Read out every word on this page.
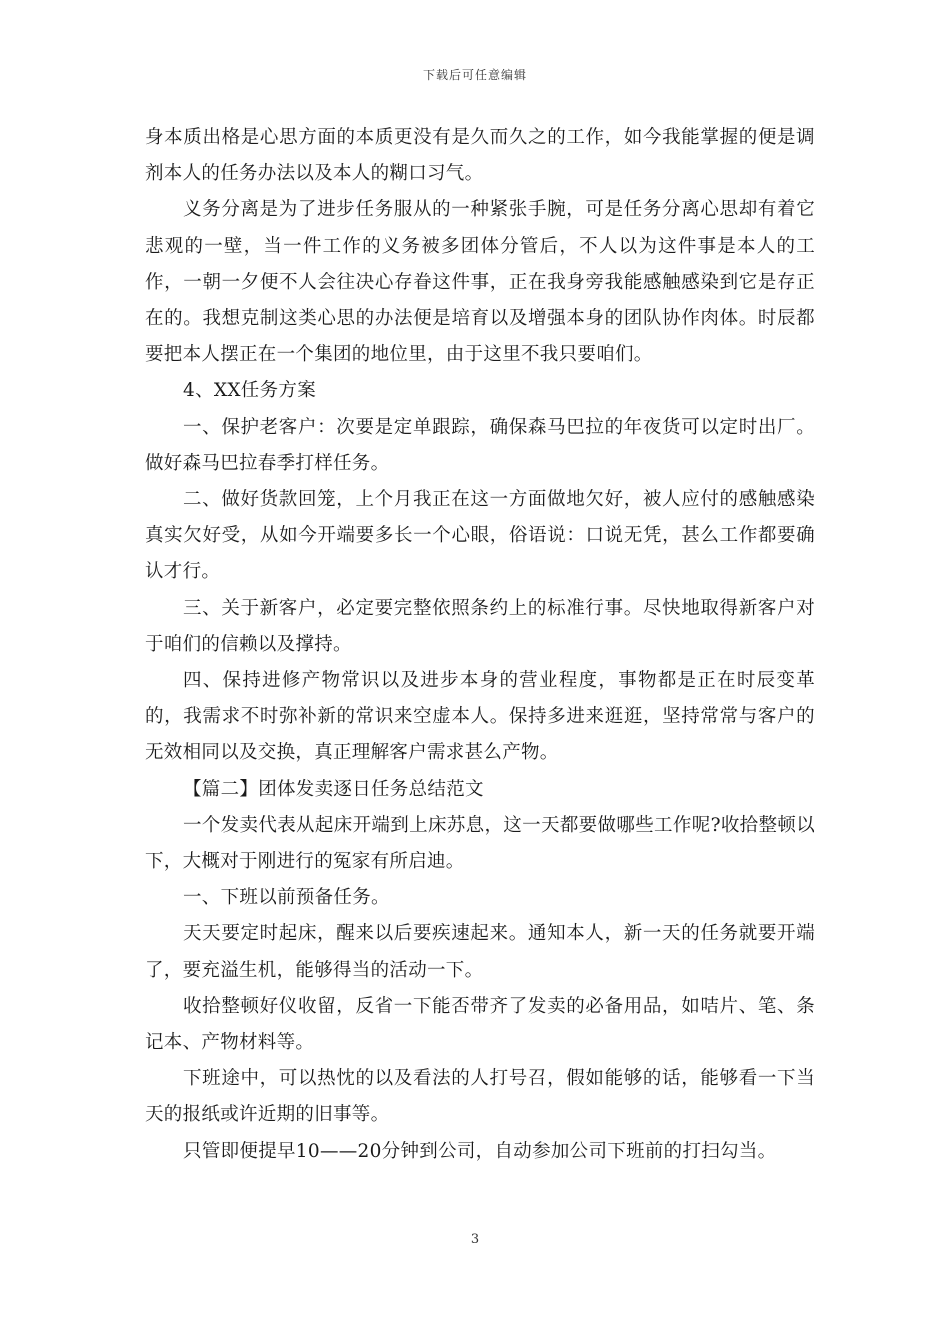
下载后可任意编辑

身本质出格是心思方面的本质更没有是久而久之的工作，如今我能掌握的便是调剂本人的任务办法以及本人的糊口习气。

义务分离是为了进步任务服从的一种紧张手腕，可是任务分离心思却有着它悲观的一壁，当一件工作的义务被多团体分管后，不人以为这件事是本人的工作，一朝一夕便不人会往决心存眷这件事，正在我身旁我能感触感染到它是存正在的。我想克制这类心思的办法便是培育以及增强本身的团队协作肉体。时辰都要把本人摆正在一个集团的地位里，由于这里不我只要咱们。

4、XX任务方案

一、保护老客户：次要是定单跟踪，确保森马巴拉的年夜货可以定时出厂。做好森马巴拉春季打样任务。

二、做好货款回笼，上个月我正在这一方面做地欠好，被人应付的感触感染真实欠好受，从如今开端要多长一个心眼，俗语说：口说无凭，甚么工作都要确认才行。

三、关于新客户，必定要完整依照条约上的标准行事。尽快地取得新客户对于咱们的信赖以及撑持。

四、保持进修产物常识以及进步本身的营业程度，事物都是正在时辰变革的，我需求不时弥补新的常识来空虚本人。保持多进来逛逛，坚持常常与客户的无效相同以及交换，真正理解客户需求甚么产物。

【篇二】团体发卖逐日任务总结范文

一个发卖代表从起床开端到上床苏息，这一天都要做哪些工作呢?收拾整顿以下，大概对于刚进行的冤家有所启迪。

一、下班以前预备任务。

天天要定时起床，醒来以后要疾速起来。通知本人，新一天的任务就要开端了，要充溢生机，能够得当的活动一下。

收拾整顿好仪收留，反省一下能否带齐了发卖的必备用品，如咭片、笔、条记本、产物材料等。

下班途中，可以热忱的以及看法的人打号召，假如能够的话，能够看一下当天的报纸或许近期的旧事等。

只管即便提早10——20分钟到公司，自动参加公司下班前的打扫勾当。

3
